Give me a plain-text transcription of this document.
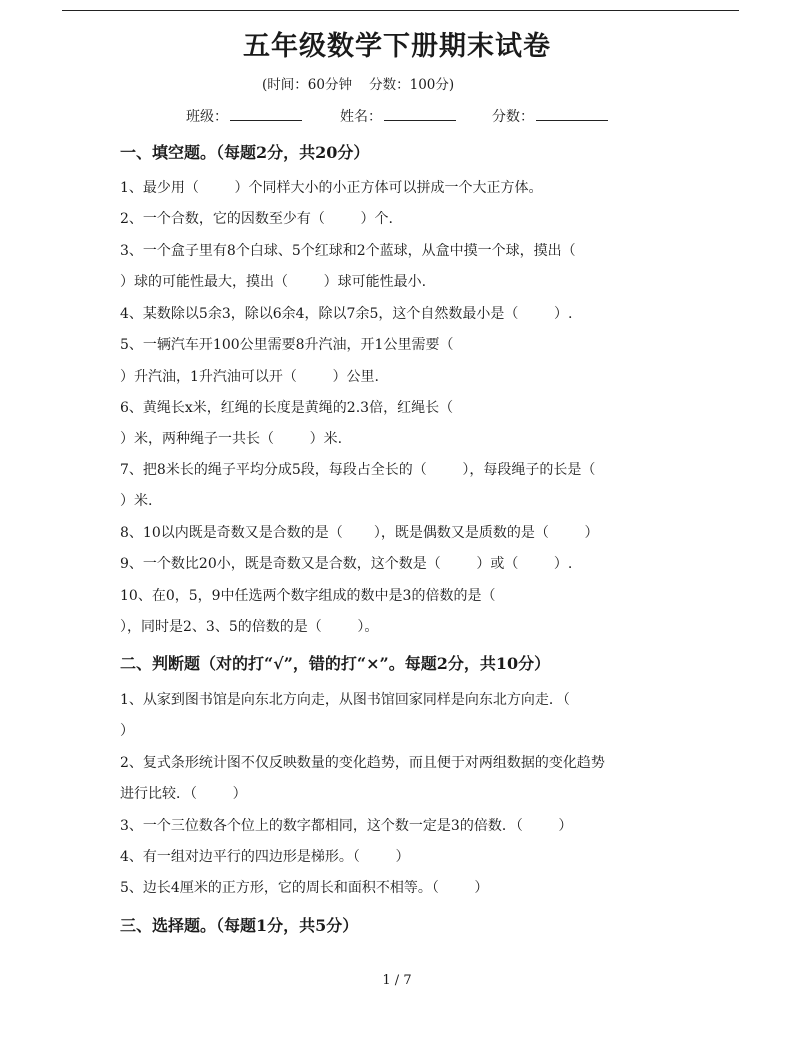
五年级数学下册期末试卷
(时间：60分钟    分数：100分)
班级：	姓名：	分数：
一、填空题。（每题2分，共20分）
1、最少用（        ）个同样大小的小正方体可以拼成一个大正方体。
2、一个合数，它的因数至少有（        ）个.
3、一个盒子里有8个白球、5个红球和2个蓝球，从盒中摸一个球，摸出（
）球的可能性最大，摸出（        ）球可能性最小.
4、某数除以5余3，除以6余4，除以7余5，这个自然数最小是（        ）.
5、一辆汽车开100公里需要8升汽油，开1公里需要（
）升汽油，1升汽油可以开（        ）公里.
6、黄绳长x米，红绳的长度是黄绳的2.3倍，红绳长（
）米，两种绳子一共长（        ）米.
7、把8米长的绳子平均分成5段，每段占全长的（        ），每段绳子的长是（
）米.
8、10以内既是奇数又是合数的是（       ），既是偶数又是质数的是（        ）
9、一个数比20小，既是奇数又是合数，这个数是（        ）或（        ）.
10、在0，5，9中任选两个数字组成的数中是3的倍数的是（
），同时是2、3、5的倍数的是（        ）。
二、判断题（对的打“√”，错的打“×”。每题2分，共10分）
1、从家到图书馆是向东北方向走，从图书馆回家同样是向东北方向走．（
）
2、复式条形统计图不仅反映数量的变化趋势，而且便于对两组数据的变化趋势
进行比较．（        ）
3、一个三位数各个位上的数字都相同，这个数一定是3的倍数．（        ）
4、有一组对边平行的四边形是梯形。（        ）
5、边长4厘米的正方形，它的周长和面积不相等。（        ）
三、选择题。（每题1分，共5分）
1 / 7
